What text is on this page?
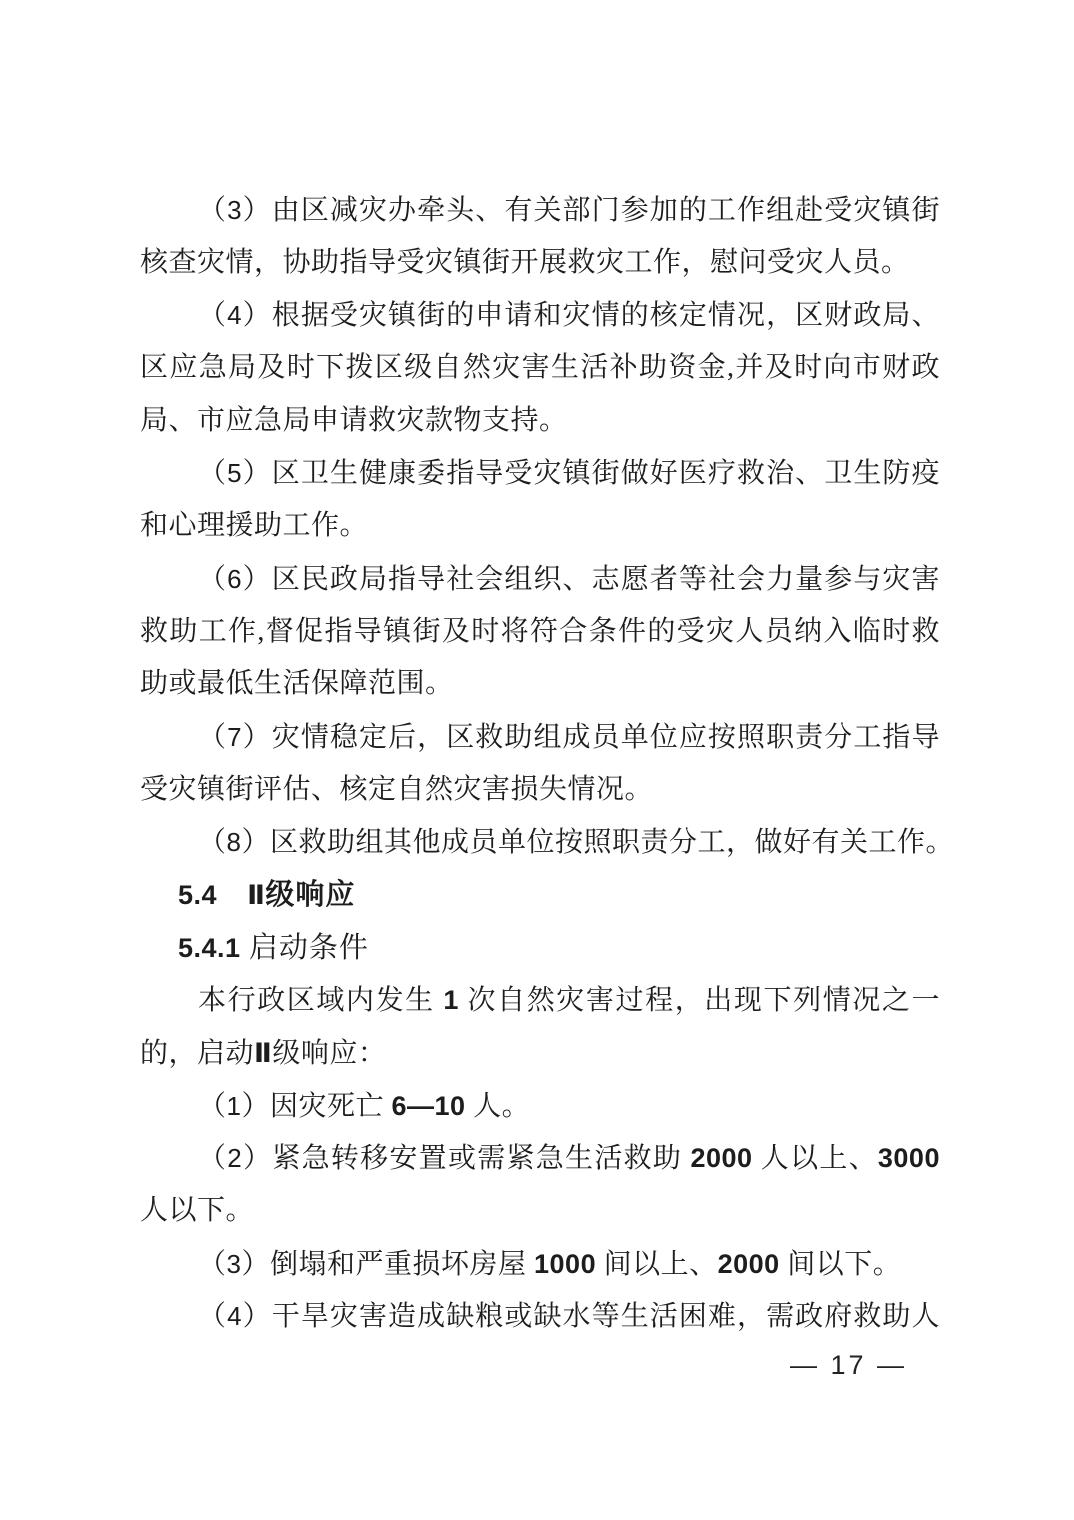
（3）由区减灾办牵头、有关部门参加的工作组赴受灾镇街
核查灾情，协助指导受灾镇街开展救灾工作，慰问受灾人员。
（4）根据受灾镇街的申请和灾情的核定情况，区财政局、
区应急局及时下拨区级自然灾害生活补助资金,并及时向市财政
局、市应急局申请救灾款物支持。
（5）区卫生健康委指导受灾镇街做好医疗救治、卫生防疫
和心理援助工作。
（6）区民政局指导社会组织、志愿者等社会力量参与灾害
救助工作,督促指导镇街及时将符合条件的受灾人员纳入临时救
助或最低生活保障范围。
（7）灾情稳定后，区救助组成员单位应按照职责分工指导
受灾镇街评估、核定自然灾害损失情况。
（8）区救助组其他成员单位按照职责分工，做好有关工作。
5.4　 Ⅱ级响应
5.4.1 启动条件
本行政区域内发生 1 次自然灾害过程，出现下列情况之一
的，启动Ⅱ级响应：
（1）因灾死亡 6—10 人。
（2）紧急转移安置或需紧急生活救助 2000 人以上、3000
人以下。
（3）倒塌和严重损坏房屋 1000 间以上、2000 间以下。
（4）干旱灾害造成缺粮或缺水等生活困难，需政府救助人
— 17 —
